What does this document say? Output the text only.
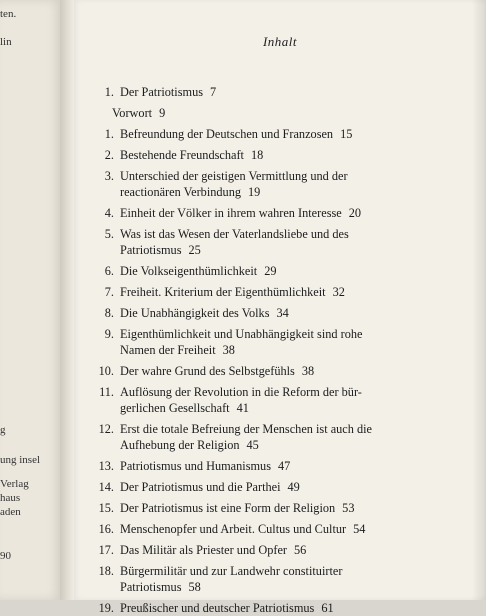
ten.
lin
g
ung insel
Verlag
haus
aden
90
Inhalt
1. Der Patriotismus 7
Vorwort 9
1. Befreundung der Deutschen und Franzosen 15
2. Bestehende Freundschaft 18
3. Unterschied der geistigen Vermittlung und der
reactionären Verbindung 19
4. Einheit der Völker in ihrem wahren Interesse 20
5. Was ist das Wesen der Vaterlandsliebe und des
Patriotismus 25
6. Die Volkseigenthümlichkeit 29
7. Freiheit. Kriterium der Eigenthümlichkeit 32
8. Die Unabhängigkeit des Volks 34
9. Eigenthümlichkeit und Unabhängigkeit sind rohe
Namen der Freiheit 38
10. Der wahre Grund des Selbstgefühls 38
11. Auflösung der Revolution in die Reform der bür-
gerlichen Gesellschaft 41
12. Erst die totale Befreiung der Menschen ist auch die
Aufhebung der Religion 45
13. Patriotismus und Humanismus 47
14. Der Patriotismus und die Parthei 49
15. Der Patriotismus ist eine Form der Religion 53
16. Menschenopfer und Arbeit. Cultus und Cultur 54
17. Das Militär als Priester und Opfer 56
18. Bürgermilitär und zur Landwehr constituirter
Patriotismus 58
19. Preußischer und deutscher Patriotismus 61
